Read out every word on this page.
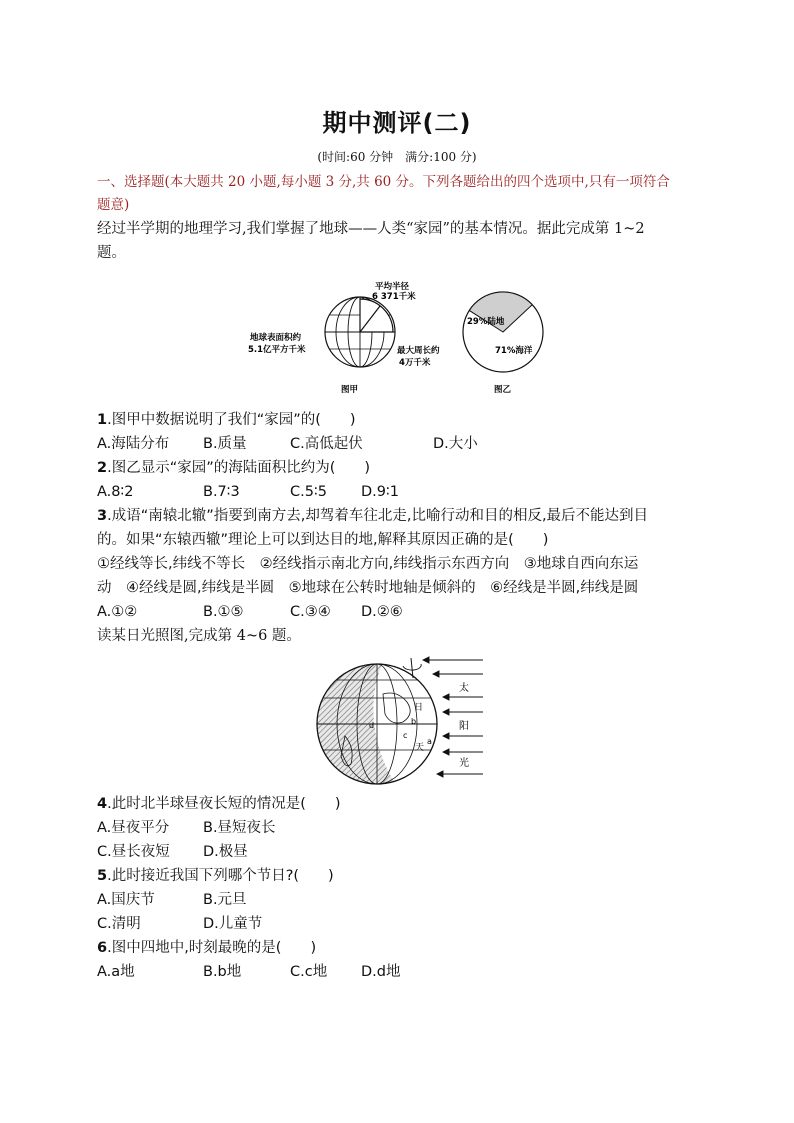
期中测评(二)
(时间:60 分钟　满分:100 分)
一、选择题(本大题共 20 小题,每小题 3 分,共 60 分。下列各题给出的四个选项中,只有一项符合
题意)
经过半学期的地理学习,我们掌握了地球——人类“家园”的基本情况。据此完成第 1~2
题。
平均半径
6 371千米
地球表面积约
5.1亿平方千米	最大周长约
4万千米
图甲
29%陆地
71%海洋
图乙
1.图甲中数据说明了我们“家园”的(　　)
A.海陆分布 B.质量	C.高低起伏	D.大小
2.图乙显示“家园”的海陆面积比约为(　　)
A.8∶2	B.7∶3	C.5∶5 D.9∶1
3.成语“南辕北辙”指要到南方去,却驾着车往北走,比喻行动和目的相反,最后不能达到目
的。如果“东辕西辙”理论上可以到达目的地,解释其原因正确的是(　　)
①经线等长,纬线不等长　②经线指示南北方向,纬线指示东西方向　③地球自西向东运
动　④经线是圆,纬线是半圆　⑤地球在公转时地轴是倾斜的　⑥经线是半圆,纬线是圆
A.①②	B.①⑤	C.③④ D.②⑥
读某日光照图,完成第 4~6 题。
日
天
a
b
c
d
太
阳
光
4.此时北半球昼夜长短的情况是(　　)
A.昼夜平分 B.昼短夜长
C.昼长夜短 D.极昼
5.此时接近我国下列哪个节日?(　　)
A.国庆节	B.元旦
C.清明	D.儿童节
6.图中四地中,时刻最晚的是(　　)
A.a地	B.b地	C.c地 D.d地
